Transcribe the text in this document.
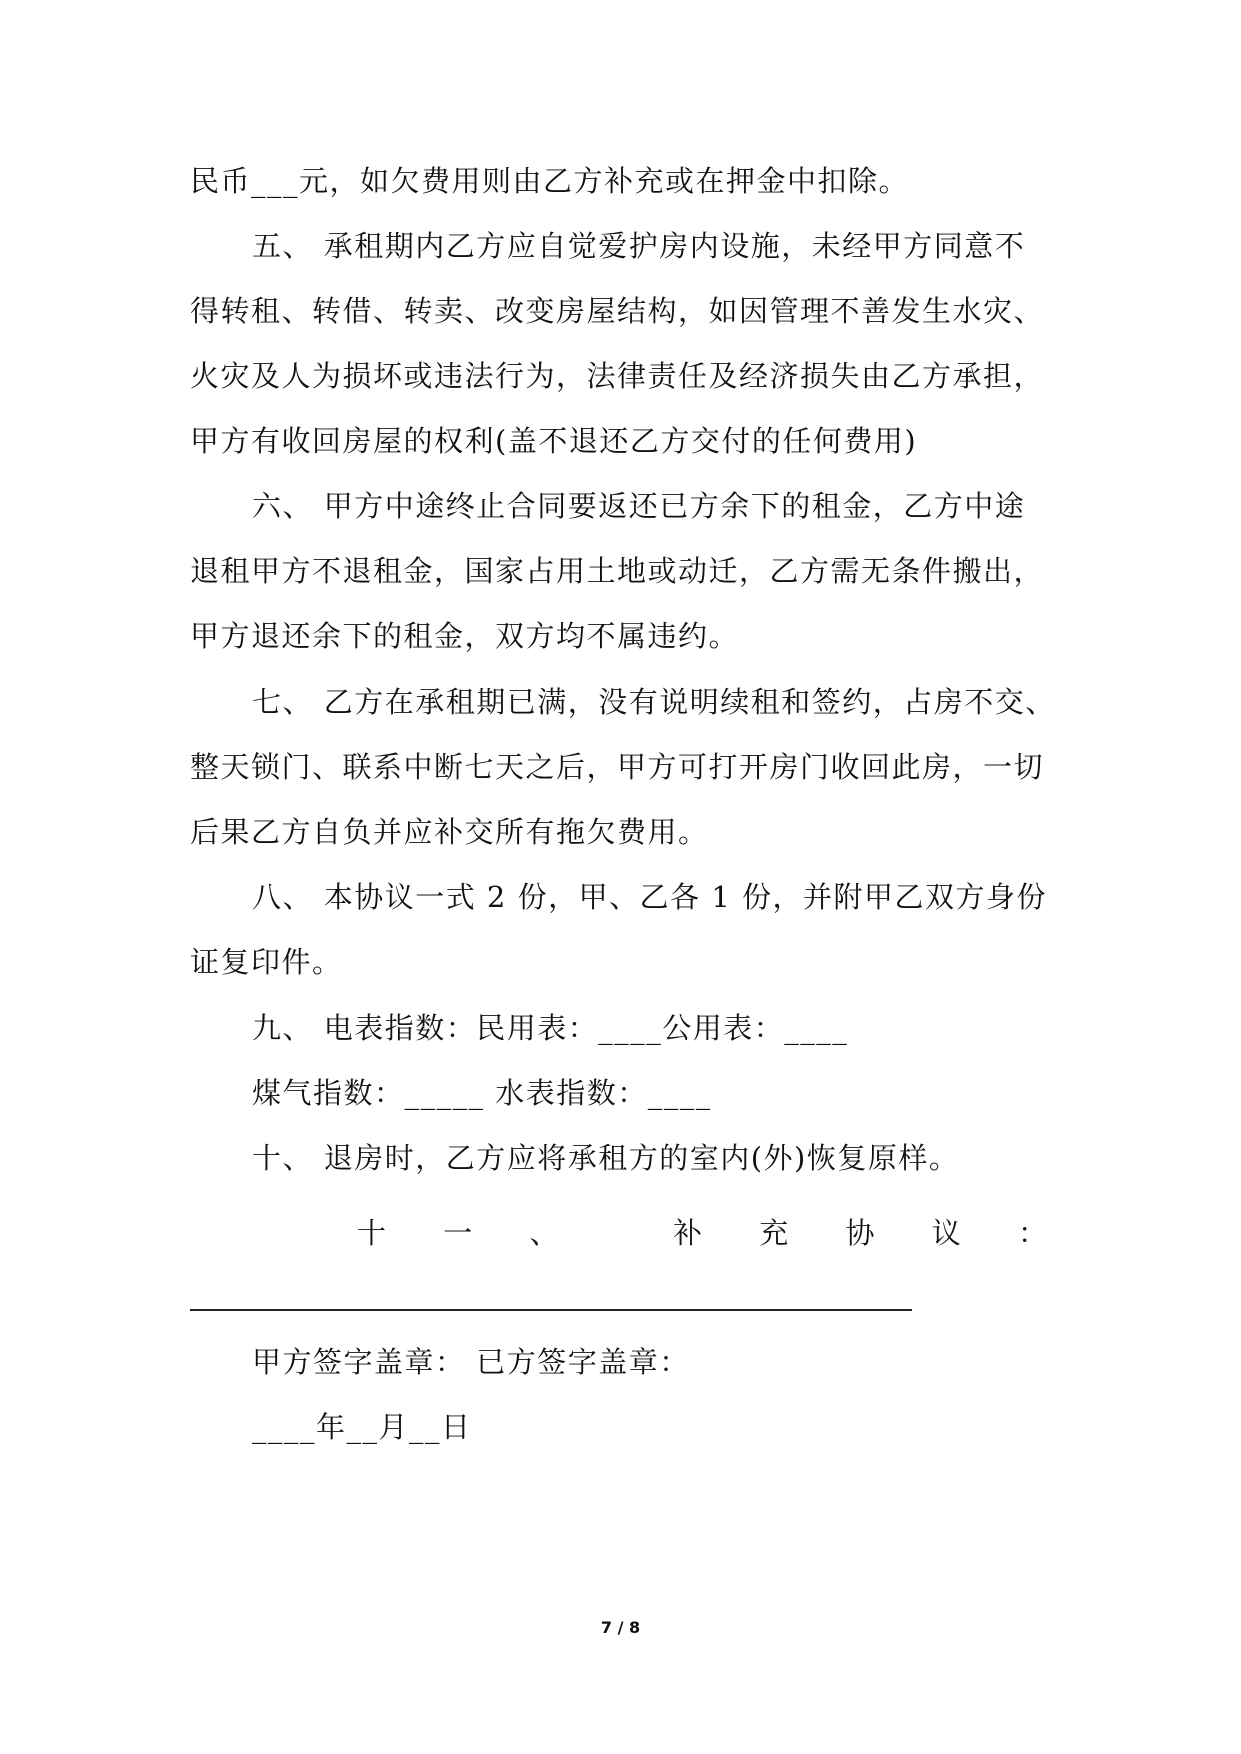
民币___元，如欠费用则由乙方补充或在押金中扣除。
五、 承租期内乙方应自觉爱护房内设施，未经甲方同意不
得转租、转借、转卖、改变房屋结构，如因管理不善发生水灾、
火灾及人为损坏或违法行为，法律责任及经济损失由乙方承担，
甲方有收回房屋的权利(盖不退还乙方交付的任何费用)
六、 甲方中途终止合同要返还已方余下的租金，乙方中途
退租甲方不退租金，国家占用土地或动迁，乙方需无条件搬出，
甲方退还余下的租金，双方均不属违约。
七、 乙方在承租期已满，没有说明续租和签约，占房不交、
整天锁门、联系中断七天之后，甲方可打开房门收回此房，一切
后果乙方自负并应补交所有拖欠费用。
八、 本协议一式 2 份，甲、乙各 1 份，并附甲乙双方身份
证复印件。
九、 电表指数：民用表：____公用表：____
煤气指数：_____ 水表指数：____
十、 退房时，乙方应将承租方的室内(外)恢复原样。
十 一 、	补 充 协 议 ：
甲方签字盖章： 已方签字盖章：
____年__月__日
7 / 8
